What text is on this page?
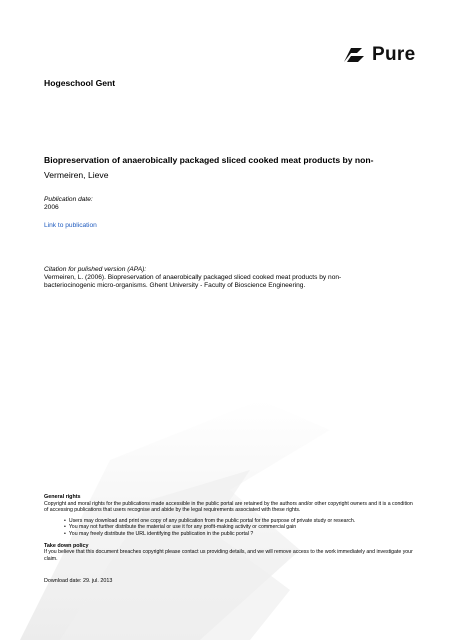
Pure
Hogeschool Gent
Biopreservation of anaerobically packaged sliced cooked meat products by non-
Vermeiren, Lieve
Publication date:
2006
Link to publication
Citation for pulished version (APA):
Vermeiren, L. (2006). Biopreservation of anaerobically packaged sliced cooked meat products by non-bacteriocinogenic micro-organisms. Ghent University - Faculty of Bioscience Engineering.
General rights

Copyright and moral rights for the publications made accessible in the public portal are retained by the authors and/or other copyright owners and it is a condition of accessing publications that users recognise and abide by the legal requirements associated with these rights.

• Users may download and print one copy of any publication from the public portal for the purpose of private study or research.
• You may not further distribute the material or use it for any profit-making activity or commercial gain
• You may freely distribute the URL identifying the publication in the public portal ?
Take down policy

If you believe that this document breaches copyright please contact us providing details, and we will remove access to the work immediately and investigate your claim.

Download date: 29. jul. 2013
